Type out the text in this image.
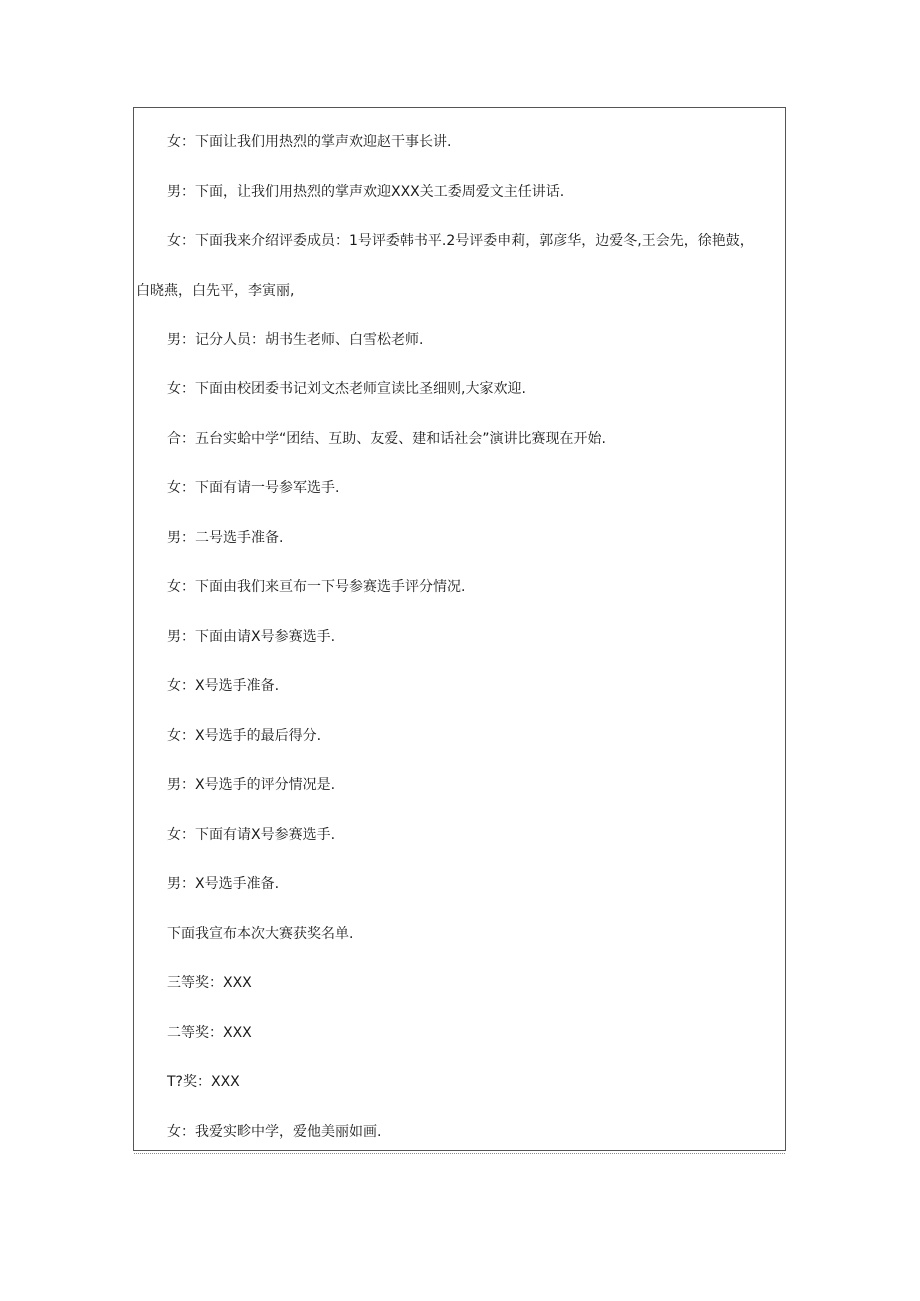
女：下面让我们用热烈的掌声欢迎赵干事长讲.
男：下面，让我们用热烈的掌声欢迎XXX关工委周爱文主任讲话.
女：下面我来介绍评委成员：1号评委韩书平.2号评委申莉，郭彦华，边爱冬,王会先，徐艳鼓，
白晓燕，白先平，李寅丽,
男：记分人员：胡书生老师、白雪松老师.
女：下面由校团委书记刘文杰老师宣读比圣细则,大家欢迎.
合：五台实蛤中学“团结、互助、友爱、建和话社会”演讲比赛现在开始.
女：下面有请一号参军选手.
男：二号选手准备.
女：下面由我们来亘布一下号参赛选手评分情况.
男：下面由请X号参赛选手.
女：X号选手准备.
女：X号选手的最后得分.
男：X号选手的评分情况是.
女：下面有请X号参赛选手.
男：X号选手准备.
下面我宣布本次大赛获奖名单.
三等奖：XXX
二等奖：XXX
T?奖：XXX
女：我爱实畛中学，爱他美丽如画.
